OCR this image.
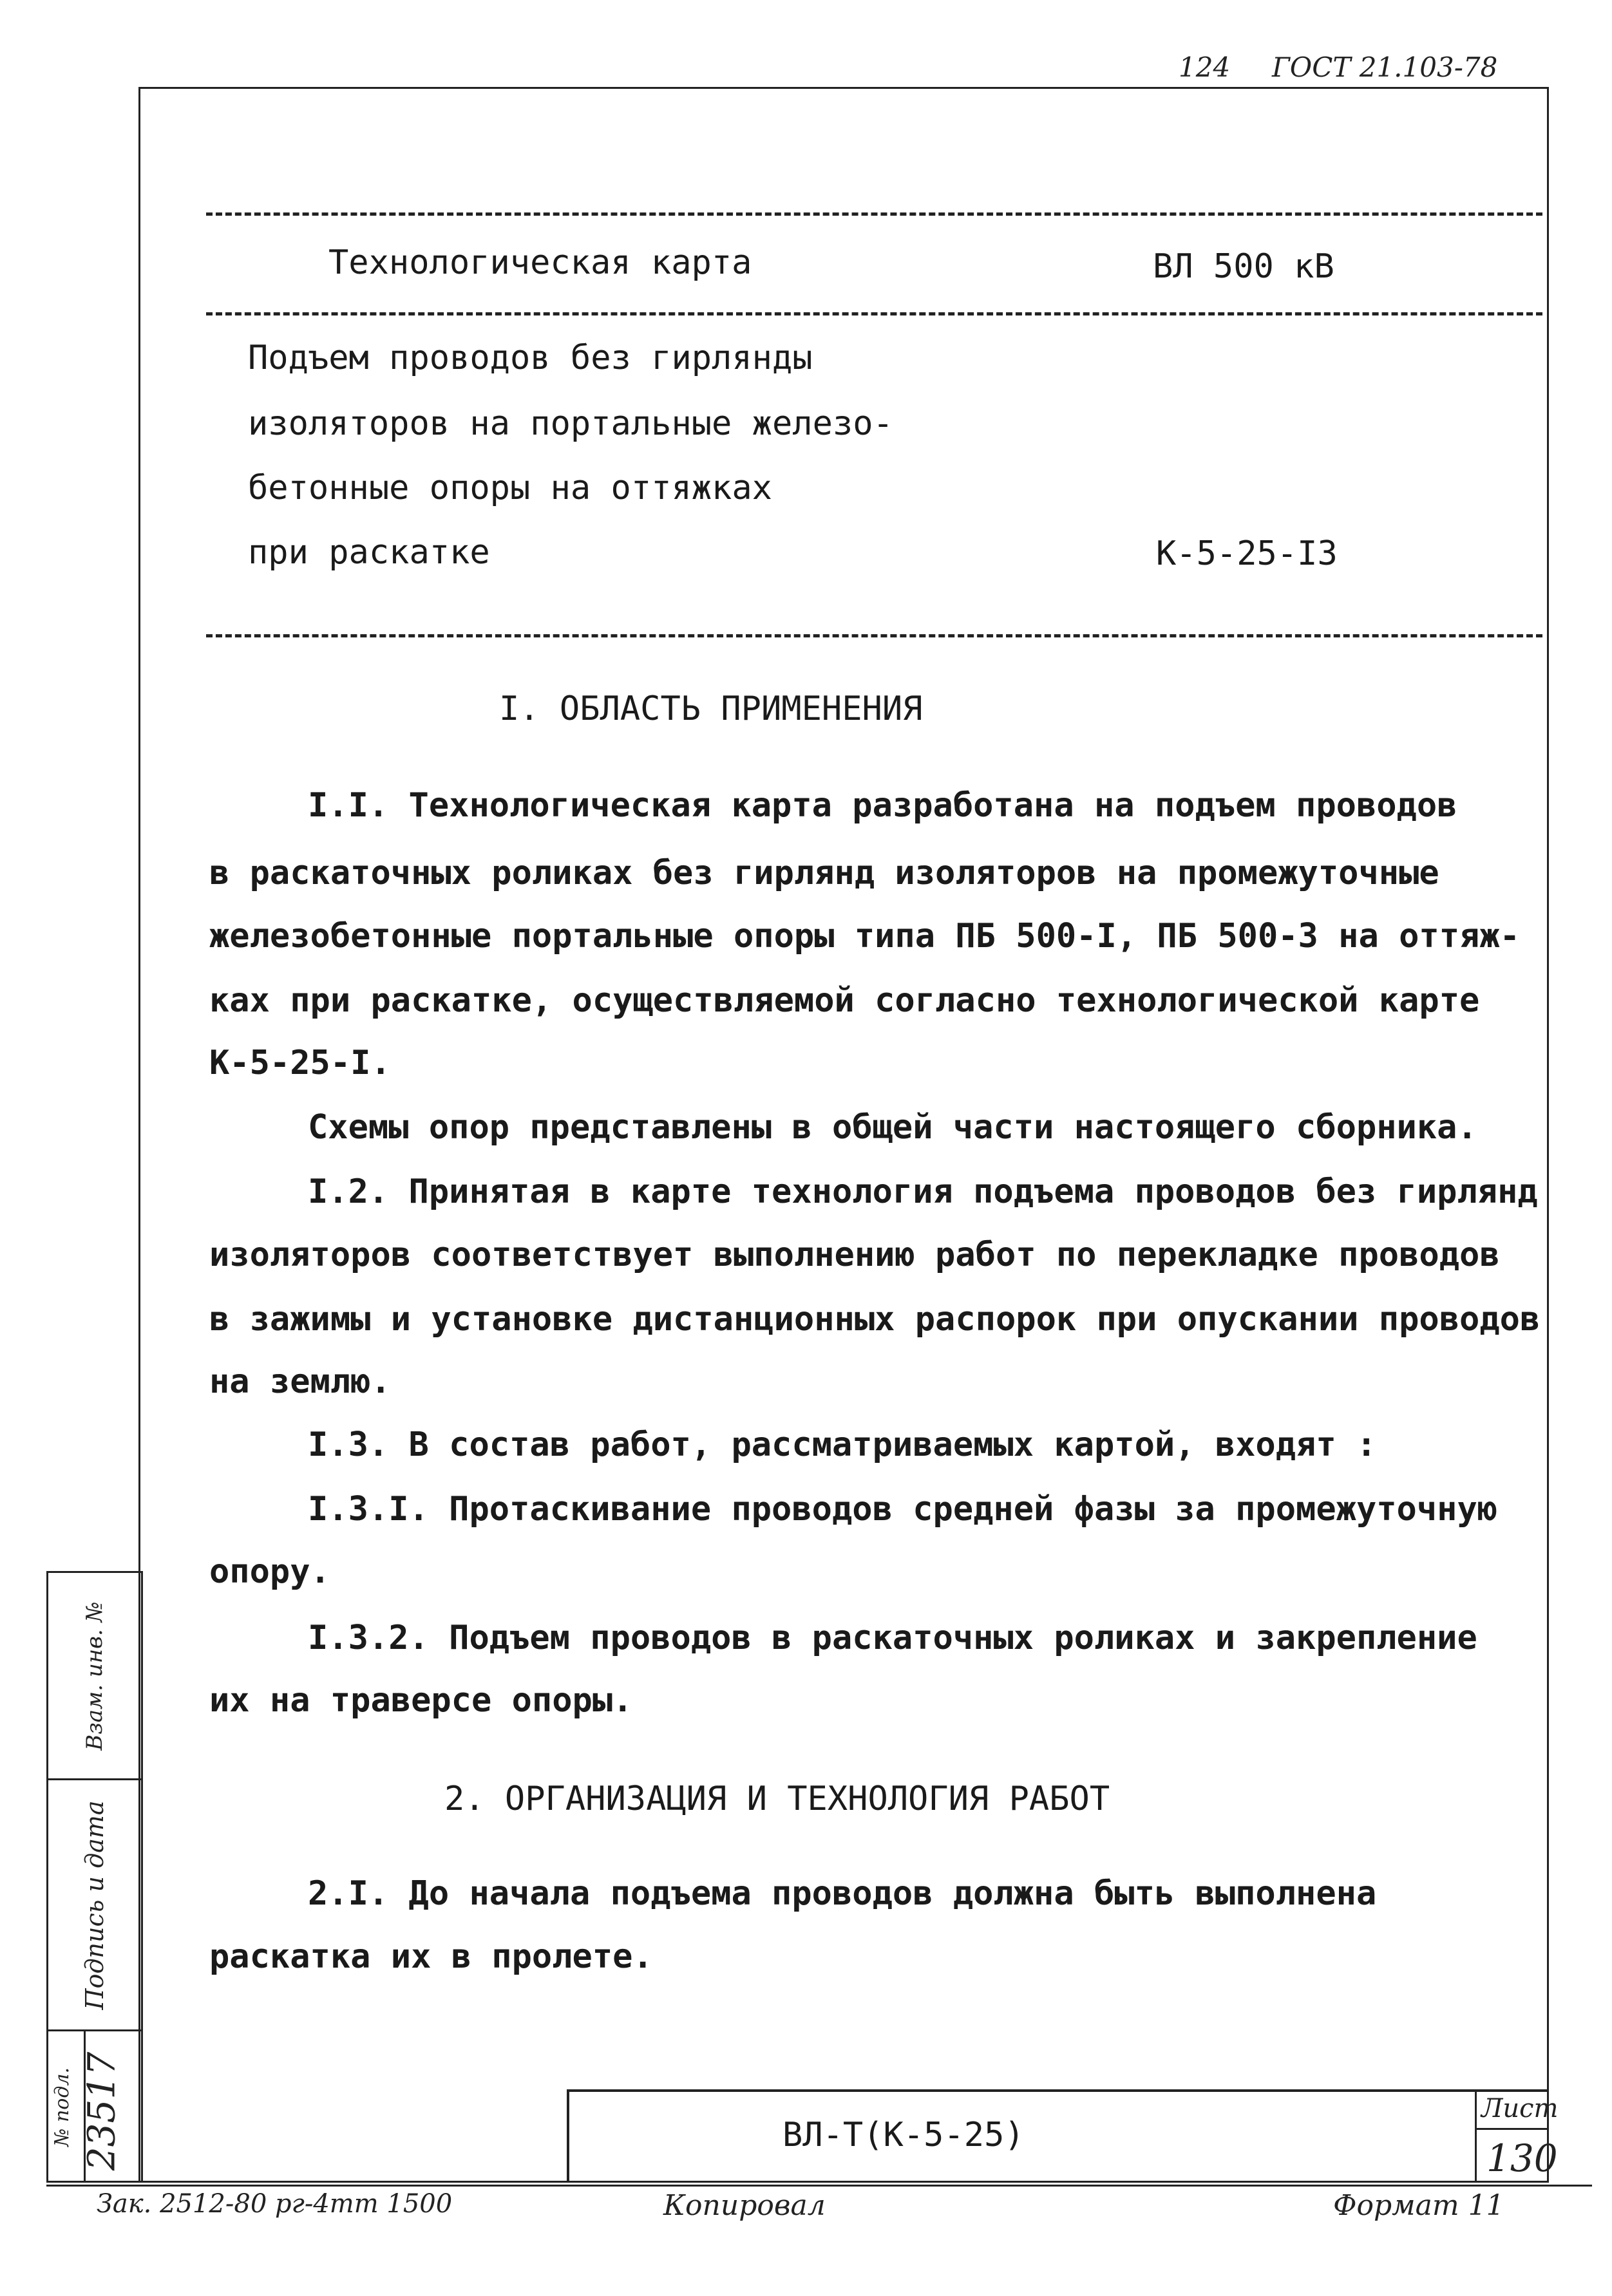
124 ГОСТ 21.103-78
Технологическая карта	ВЛ 500 кВ
Подъем проводов без гирлянды
изоляторов на портальные железо-
бетонные опоры на оттяжках
при раскатке	К-5-25-I3
I. ОБЛАСТЬ ПРИМЕНЕНИЯ
I.I. Технологическая карта разработана на подъем проводов
в раскаточных роликах без гирлянд изоляторов на промежуточные
железобетонные портальные опоры типа ПБ 500-I, ПБ 500-3 на оттяж-
ках при раскатке, осуществляемой согласно технологической карте
К-5-25-I.
Схемы опор представлены в общей части настоящего сборника.
I.2. Принятая в карте технология подъема проводов без гирлянд
изоляторов соответствует выполнению работ по перекладке проводов
в зажимы и установке дистанционных распорок при опускании проводов
на землю.
I.3. В состав работ, рассматриваемых картой, входят :
I.3.I. Протаскивание проводов средней фазы за промежуточную
опору.
I.3.2. Подъем проводов в раскаточных роликах и закрепление
их на траверсе опоры.
2. ОРГАНИЗАЦИЯ И ТЕХНОЛОГИЯ РАБОТ
2.I. До начала подъема проводов должна быть выполнена
раскатка их в пролете.
ВЛ-Т(К-5-25)
Лист
130
Взам. инв. №
Подпись и дата
№ подл. 23517
Зак. 2512-80 рг-4тт 1500	Копировал	Формат 11
